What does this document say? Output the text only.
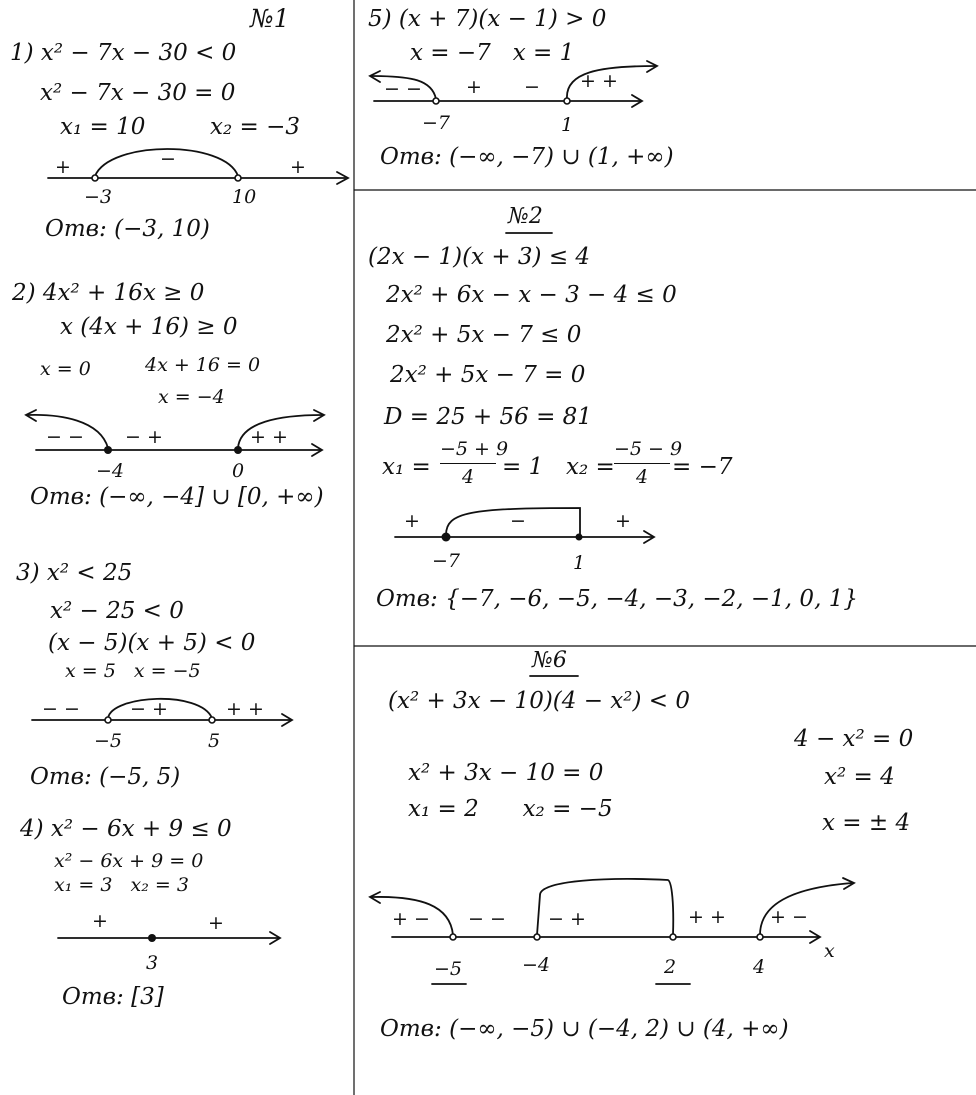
№1
1) x² − 7x − 30 < 0
x² − 7x − 30 = 0
x₁ = 10	x₂ = −3
+	−	+
−3	10
Отв: (−3, 10)
2) 4x² + 16x ≥ 0
x (4x + 16) ≥ 0
x = 0	4x + 16 = 0
x = −4
− − − +	+ +
−4	0
Отв: (−∞, −4] ∪ [0, +∞)
3) x² < 25
x² − 25 < 0
(x − 5)(x + 5) < 0
x = 5   x = −5
− −	− +	+ +
−5	5
Отв: (−5, 5)
4) x² − 6x + 9 ≤ 0
x² − 6x + 9 = 0
x₁ = 3   x₂ = 3
+	+
3
Отв: [3]
5) (x + 7)(x − 1) > 0
x = −7   x = 1
− − + − + +
−7	1
Отв: (−∞, −7) ∪ (1, +∞)
№2
(2x − 1)(x + 3) ≤ 4
2x² + 6x − x − 3 − 4 ≤ 0
2x² + 5x − 7 ≤ 0
2x² + 5x − 7 = 0
D = 25 + 56 = 81
x₁ =
−5 + 9
4 = 1 x₂ =
−5 − 9
4 = −7
+	−	+
−7	1
Отв: {−7, −6, −5, −4, −3, −2, −1, 0, 1}
№6
(x² + 3x − 10)(4 − x²) < 0
x² + 3x − 10 = 0
x₁ = 2      x₂ = −5
4 − x² = 0
x² = 4
x = ± 4
+ − − − − +	+ + + −
x
−5	−4	2	4
Отв: (−∞, −5) ∪ (−4, 2) ∪ (4, +∞)
